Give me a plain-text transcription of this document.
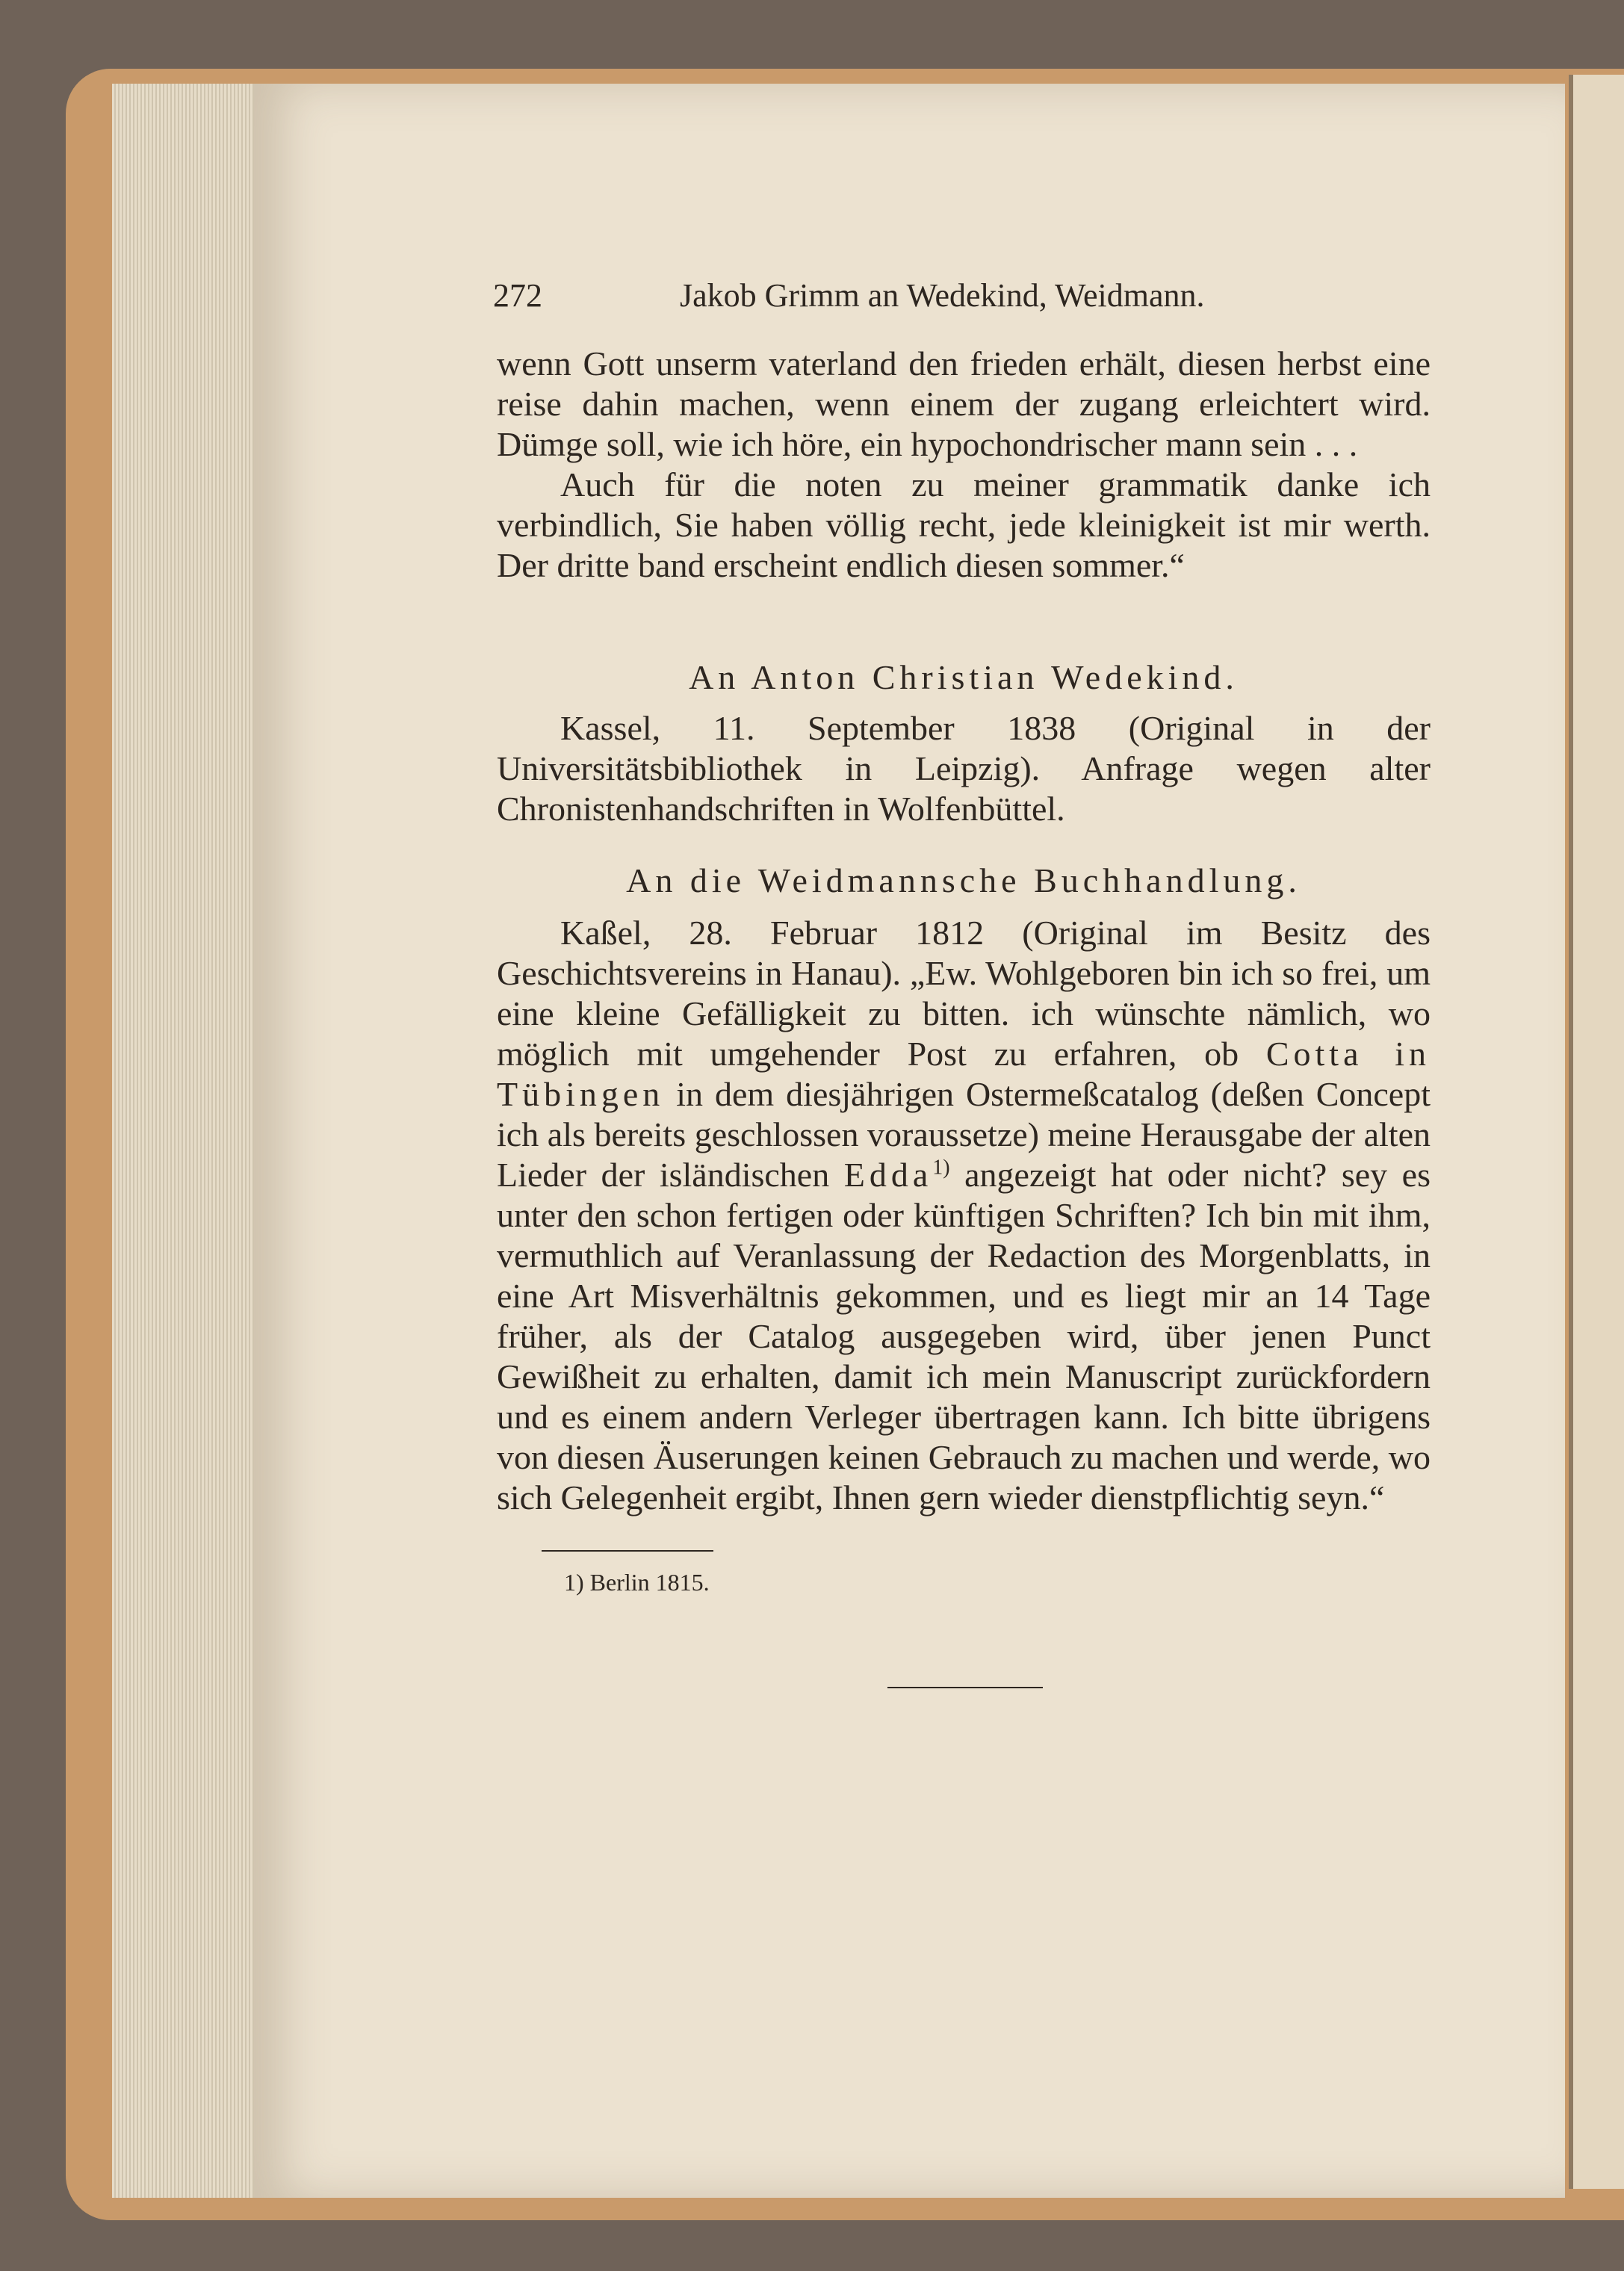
272	Jakob Grimm an Wedekind, Weidmann.

wenn Gott unserm vaterland den frieden erhält, diesen herbst eine reise dahin machen, wenn einem der zugang erleichtert wird. Dümge soll, wie ich höre, ein hypochondrischer mann sein . . .

Auch für die noten zu meiner grammatik danke ich verbindlich, Sie haben völlig recht, jede kleinigkeit ist mir werth. Der dritte band erscheint endlich diesen sommer.“

An Anton Christian Wedekind.

Kassel, 11. September 1838 (Original in der Universitätsbibliothek in Leipzig). Anfrage wegen alter Chronistenhandschriften in Wolfenbüttel.

An die Weidmannsche Buchhandlung.

Kaßel, 28. Februar 1812 (Original im Besitz des Geschichtsvereins in Hanau). „Ew. Wohlgeboren bin ich so frei, um eine kleine Gefälligkeit zu bitten. ich wünschte nämlich, wo möglich mit umgehender Post zu erfahren, ob Cotta in Tübingen in dem diesjährigen Ostermeßcatalog (deßen Concept ich als bereits geschlossen voraussetze) meine Herausgabe der alten Lieder der isländischen Edda$^{1)}$ angezeigt hat oder nicht? sey es unter den schon fertigen oder künftigen Schriften? Ich bin mit ihm, vermuthlich auf Veranlassung der Redaction des Morgenblatts, in eine Art Misverhältnis gekommen, und es liegt mir an 14 Tage früher, als der Catalog ausgegeben wird, über jenen Punct Gewißheit zu erhalten, damit ich mein Manuscript zurückfordern und es einem andern Verleger übertragen kann. Ich bitte übrigens von diesen Äuserungen keinen Gebrauch zu machen und werde, wo sich Gelegenheit ergibt, Ihnen gern wieder dienstpflichtig seyn.“

1) Berlin 1815.
